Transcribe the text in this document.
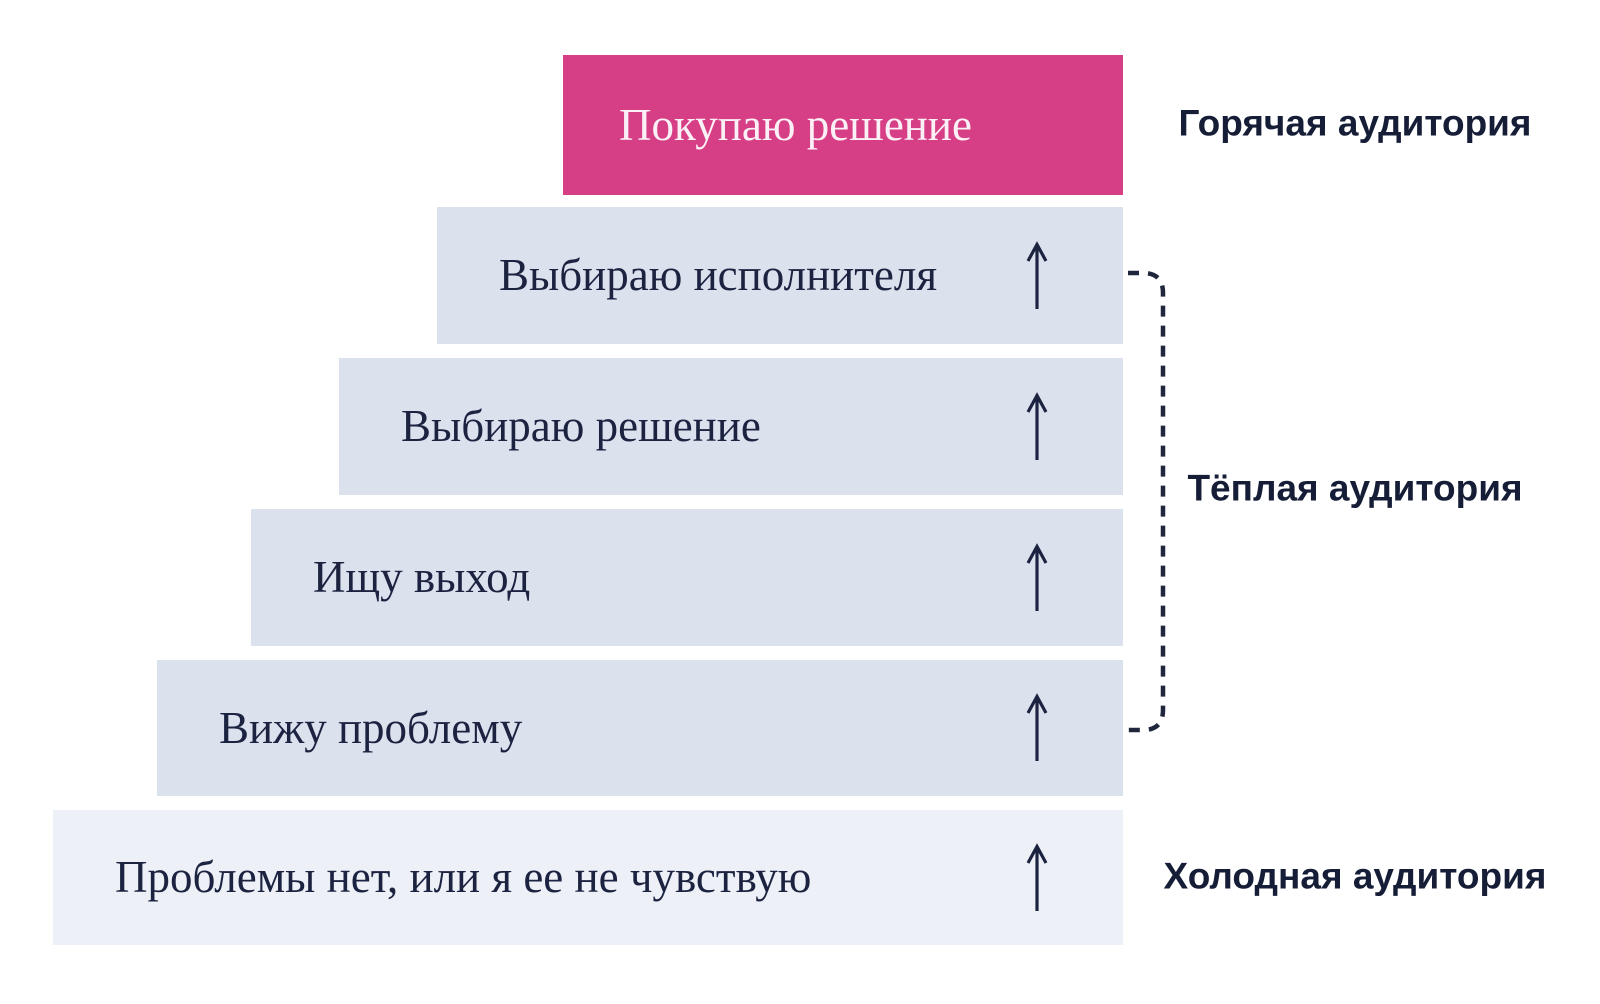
Покупаю решение
Выбираю исполнителя
Выбираю решение
Ищу выход
Вижу проблему
Проблемы нет, или я ее не чувствую
Горячая аудитория
Тёплая аудитория
Холодная аудитория
